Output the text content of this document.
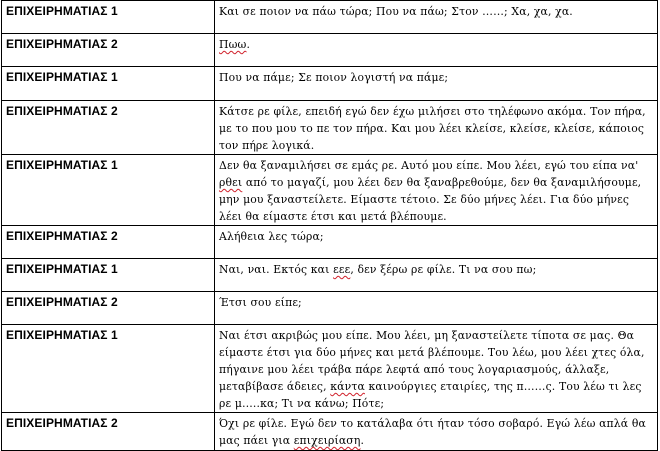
ΕΠΙΧΕΙΡΗΜΑΤΙΑΣ 1	Και σε ποιον να πάω τώρα; Που να πάω; Στον ……; Χα, χα, χα.
ΕΠΙΧΕΙΡΗΜΑΤΙΑΣ 2	Πωω.
ΕΠΙΧΕΙΡΗΜΑΤΙΑΣ 1	Που να πάμε; Σε ποιον λογιστή να πάμε;
ΕΠΙΧΕΙΡΗΜΑΤΙΑΣ 2	Κάτσε ρε φίλε, επειδή εγώ δεν έχω μιλήσει στο τηλέφωνο ακόμα. Τον πήρα, με το που μου το πε τον πήρα. Και μου λέει κλείσε, κλείσε, κλείσε, κάποιος τον πήρε λογικά.
ΕΠΙΧΕΙΡΗΜΑΤΙΑΣ 1	Δεν θα ξαναμιλήσει σε εμάς ρε. Αυτό μου είπε. Μου λέει, εγώ του είπα να' ρθει από το μαγαζί, μου λέει δεν θα ξαναβρεθούμε, δεν θα ξαναμιλήσουμε, μην μου ξαναστείλετε. Είμαστε τέτοιο. Σε δύο μήνες λέει. Για δύο μήνες λέει θα είμαστε έτσι και μετά βλέπουμε.
ΕΠΙΧΕΙΡΗΜΑΤΙΑΣ 2	Αλήθεια λες τώρα;
ΕΠΙΧΕΙΡΗΜΑΤΙΑΣ 1	Ναι, ναι. Εκτός και εεε, δεν ξέρω ρε φίλε. Τι να σου πω;
ΕΠΙΧΕΙΡΗΜΑΤΙΑΣ 2	Έτσι σου είπε;
ΕΠΙΧΕΙΡΗΜΑΤΙΑΣ 1	Ναι έτσι ακριβώς μου είπε. Μου λέει, μη ξαναστείλετε τίποτα σε μας. Θα είμαστε έτσι για δύο μήνες και μετά βλέπουμε. Του λέω, μου λέει χτες όλα, πήγαινε μου λέει τράβα πάρε λεφτά από τους λογαριασμούς, άλλαξε, μεταβίβασε άδειες, κάντα καινούργιες εταιρίες, της π……ς. Του λέω τι λες ρε μ…..κα; Τι να κάνω; Πότε;
ΕΠΙΧΕΙΡΗΜΑΤΙΑΣ 2	Όχι ρε φίλε. Εγώ δεν το κατάλαβα ότι ήταν τόσο σοβαρό. Εγώ λέω απλά θα μας πάει για επιχειρίαση.
